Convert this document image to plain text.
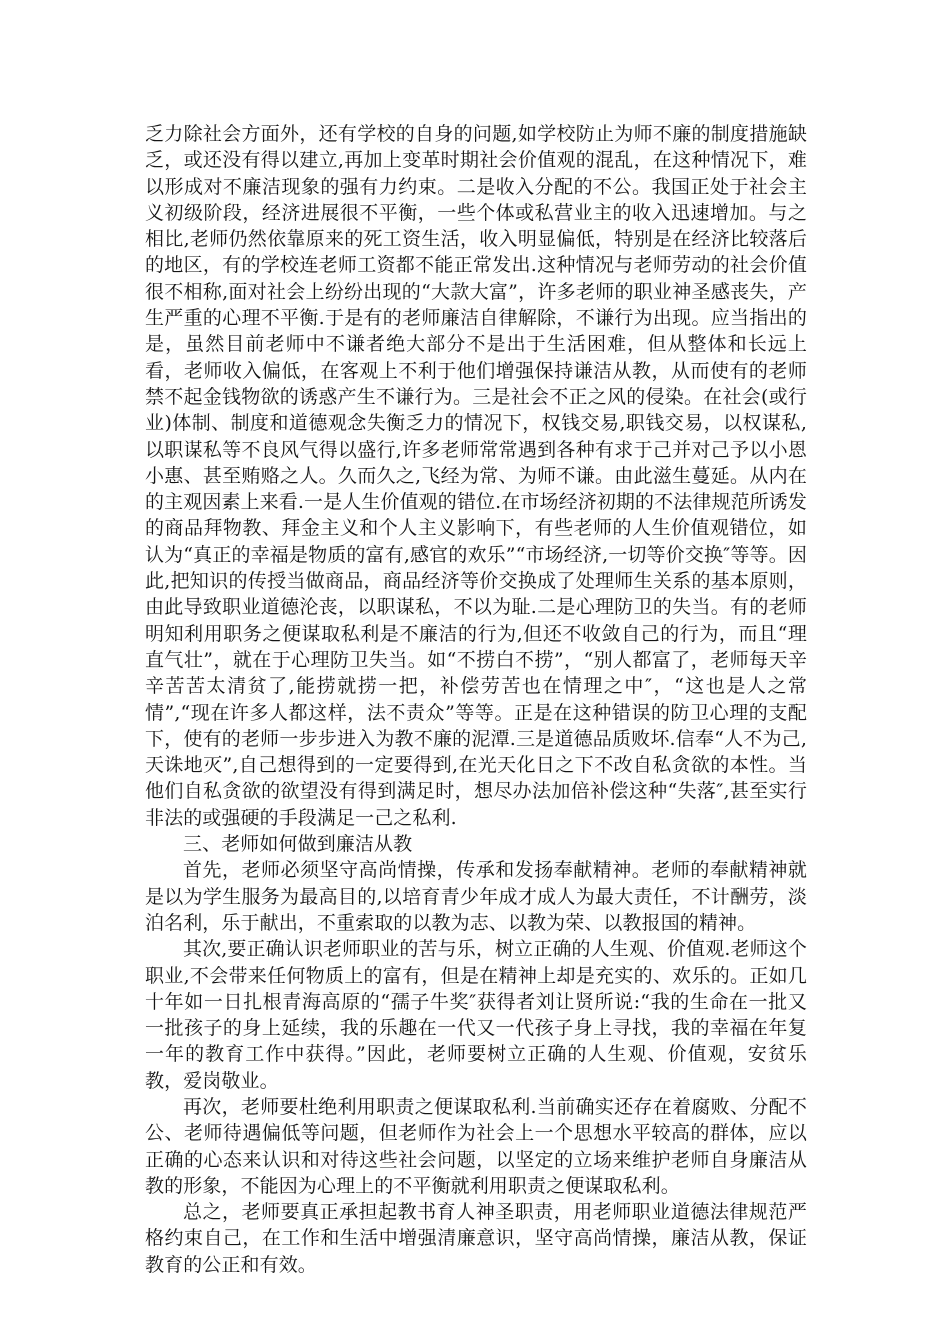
乏力除社会方面外，还有学校的自身的问题,如学校防止为师不廉的制度措施缺乏，或还没有得以建立,再加上变革时期社会价值观的混乱，在这种情况下，难以形成对不廉洁现象的强有力约束。二是收入分配的不公。我国正处于社会主义初级阶段，经济进展很不平衡，一些个体或私营业主的收入迅速增加。与之相比,老师仍然依靠原来的死工资生活，收入明显偏低，特别是在经济比较落后的地区，有的学校连老师工资都不能正常发出.这种情况与老师劳动的社会价值很不相称,面对社会上纷纷出现的“大款大富”，许多老师的职业神圣感丧失，产生严重的心理不平衡.于是有的老师廉洁自律解除，不谦行为出现。应当指出的是，虽然目前老师中不谦者绝大部分不是出于生活困难，但从整体和长远上看，老师收入偏低，在客观上不利于他们增强保持谦洁从教，从而使有的老师禁不起金钱物欲的诱惑产生不谦行为。三是社会不正之风的侵染。在社会(或行业)体制、制度和道德观念失衡乏力的情况下，权钱交易,职钱交易，以权谋私,以职谋私等不良风气得以盛行,许多老师常常遇到各种有求于己并对己予以小恩小惠、甚至贿赂之人。久而久之,飞经为常、为师不谦。由此滋生蔓延。从内在的主观因素上来看.一是人生价值观的错位.在市场经济初期的不法律规范所诱发的商品拜物教、拜金主义和个人主义影响下，有些老师的人生价值观错位，如认为“真正的幸福是物质的富有,感官的欢乐”“市场经济,一切等价交换″等等。因此,把知识的传授当做商品，商品经济等价交换成了处理师生关系的基本原则，由此导致职业道德沦丧，以职谋私，不以为耻.二是心理防卫的失当。有的老师明知利用职务之便谋取私利是不廉洁的行为,但还不收敛自己的行为，而且“理直气壮”，就在于心理防卫失当。如“不捞白不捞”，“别人都富了，老师每天辛辛苦苦太清贫了,能捞就捞一把，补偿劳苦也在情理之中″，“这也是人之常情”,“现在许多人都这样，法不责众”等等。正是在这种错误的防卫心理的支配下，使有的老师一步步进入为教不廉的泥潭.三是道德品质败坏.信奉“人不为己,天诛地灭”,自己想得到的一定要得到,在光天化日之下不改自私贪欲的本性。当他们自私贪欲的欲望没有得到满足时，想尽办法加倍补偿这种“失落″,甚至实行非法的或强硬的手段满足一己之私利.

三、老师如何做到廉洁从教

首先，老师必须坚守高尚情操，传承和发扬奉献精神。老师的奉献精神就是以为学生服务为最高目的,以培育青少年成才成人为最大责任，不计酬劳，淡泊名利，乐于献出，不重索取的以教为志、以教为荣、以教报国的精神。

其次,要正确认识老师职业的苦与乐，树立正确的人生观、价值观.老师这个职业,不会带来任何物质上的富有，但是在精神上却是充实的、欢乐的。正如几十年如一日扎根青海高原的“孺子牛奖″获得者刘让贤所说:“我的生命在一批又一批孩子的身上延续，我的乐趣在一代又一代孩子身上寻找，我的幸福在年复一年的教育工作中获得。”因此，老师要树立正确的人生观、价值观，安贫乐教，爱岗敬业。

再次，老师要杜绝利用职责之便谋取私利.当前确实还存在着腐败、分配不公、老师待遇偏低等问题，但老师作为社会上一个思想水平较高的群体，应以正确的心态来认识和对待这些社会问题，以坚定的立场来维护老师自身廉洁从教的形象，不能因为心理上的不平衡就利用职责之便谋取私利。

总之，老师要真正承担起教书育人神圣职责，用老师职业道德法律规范严格约束自己，在工作和生活中增强清廉意识，坚守高尚情操，廉洁从教，保证教育的公正和有效。
